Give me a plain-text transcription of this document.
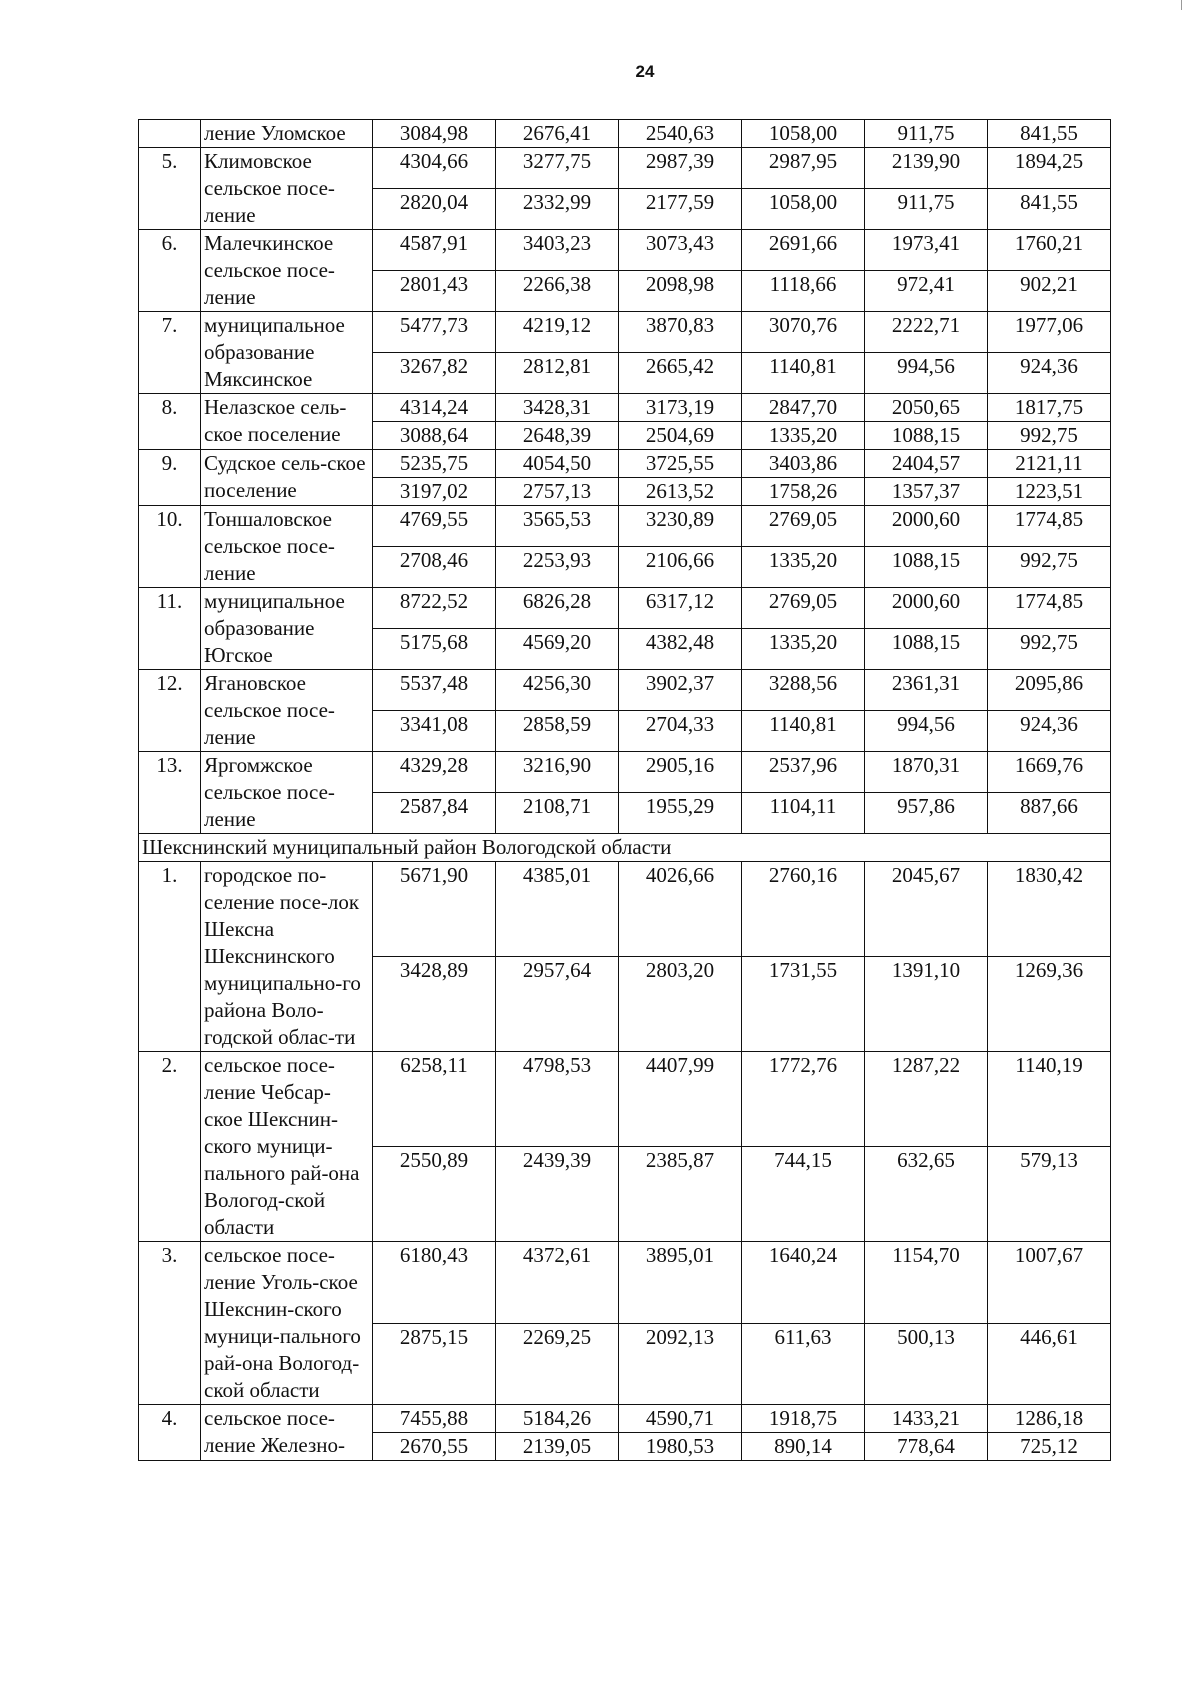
24
	ление Уломское	3084,98	2676,41	2540,63	1058,00	911,75	841,55
5.	Климовское сельское посе-ление	4304,66	3277,75	2987,39	2987,95	2139,90	1894,25
		2820,04	2332,99	2177,59	1058,00	911,75	841,55
6.	Малечкинское сельское посе-ление	4587,91	3403,23	3073,43	2691,66	1973,41	1760,21
		2801,43	2266,38	2098,98	1118,66	972,41	902,21
7.	муниципальное образование Мяксинское	5477,73	4219,12	3870,83	3070,76	2222,71	1977,06
		3267,82	2812,81	2665,42	1140,81	994,56	924,36
8.	Нелазское сель-ское поселение	4314,24	3428,31	3173,19	2847,70	2050,65	1817,75
		3088,64	2648,39	2504,69	1335,20	1088,15	992,75
9.	Судское сель-ское поселение	5235,75	4054,50	3725,55	3403,86	2404,57	2121,11
		3197,02	2757,13	2613,52	1758,26	1357,37	1223,51
10.	Тоншаловское сельское посе-ление	4769,55	3565,53	3230,89	2769,05	2000,60	1774,85
		2708,46	2253,93	2106,66	1335,20	1088,15	992,75
11.	муниципальное образование Югское	8722,52	6826,28	6317,12	2769,05	2000,60	1774,85
		5175,68	4569,20	4382,48	1335,20	1088,15	992,75
12.	Ягановское сельское посе-ление	5537,48	4256,30	3902,37	3288,56	2361,31	2095,86
		3341,08	2858,59	2704,33	1140,81	994,56	924,36
13.	Яргомжское сельское посе-ление	4329,28	3216,90	2905,16	2537,96	1870,31	1669,76
		2587,84	2108,71	1955,29	1104,11	957,86	887,66
Шекснинский муниципальный район Вологодской области							
1.	городское по-селение посе-лок Шексна Шекснинского муниципально-го района Воло-годской облас-ти	5671,90	4385,01	4026,66	2760,16	2045,67	1830,42
		3428,89	2957,64	2803,20	1731,55	1391,10	1269,36
2.	сельское посе-ление Чебсар-ское Шекснин-ского муници-пального рай-она Вологод-ской области	6258,11	4798,53	4407,99	1772,76	1287,22	1140,19
		2550,89	2439,39	2385,87	744,15	632,65	579,13
3.	сельское посе-ление Уголь-ское Шекснин-ского муници-пального рай-она Вологод-ской области	6180,43	4372,61	3895,01	1640,24	1154,70	1007,67
		2875,15	2269,25	2092,13	611,63	500,13	446,61
4.	сельское посе-ление Железно-	7455,88	5184,26	4590,71	1918,75	1433,21	1286,18
		2670,55	2139,05	1980,53	890,14	778,64	725,12
